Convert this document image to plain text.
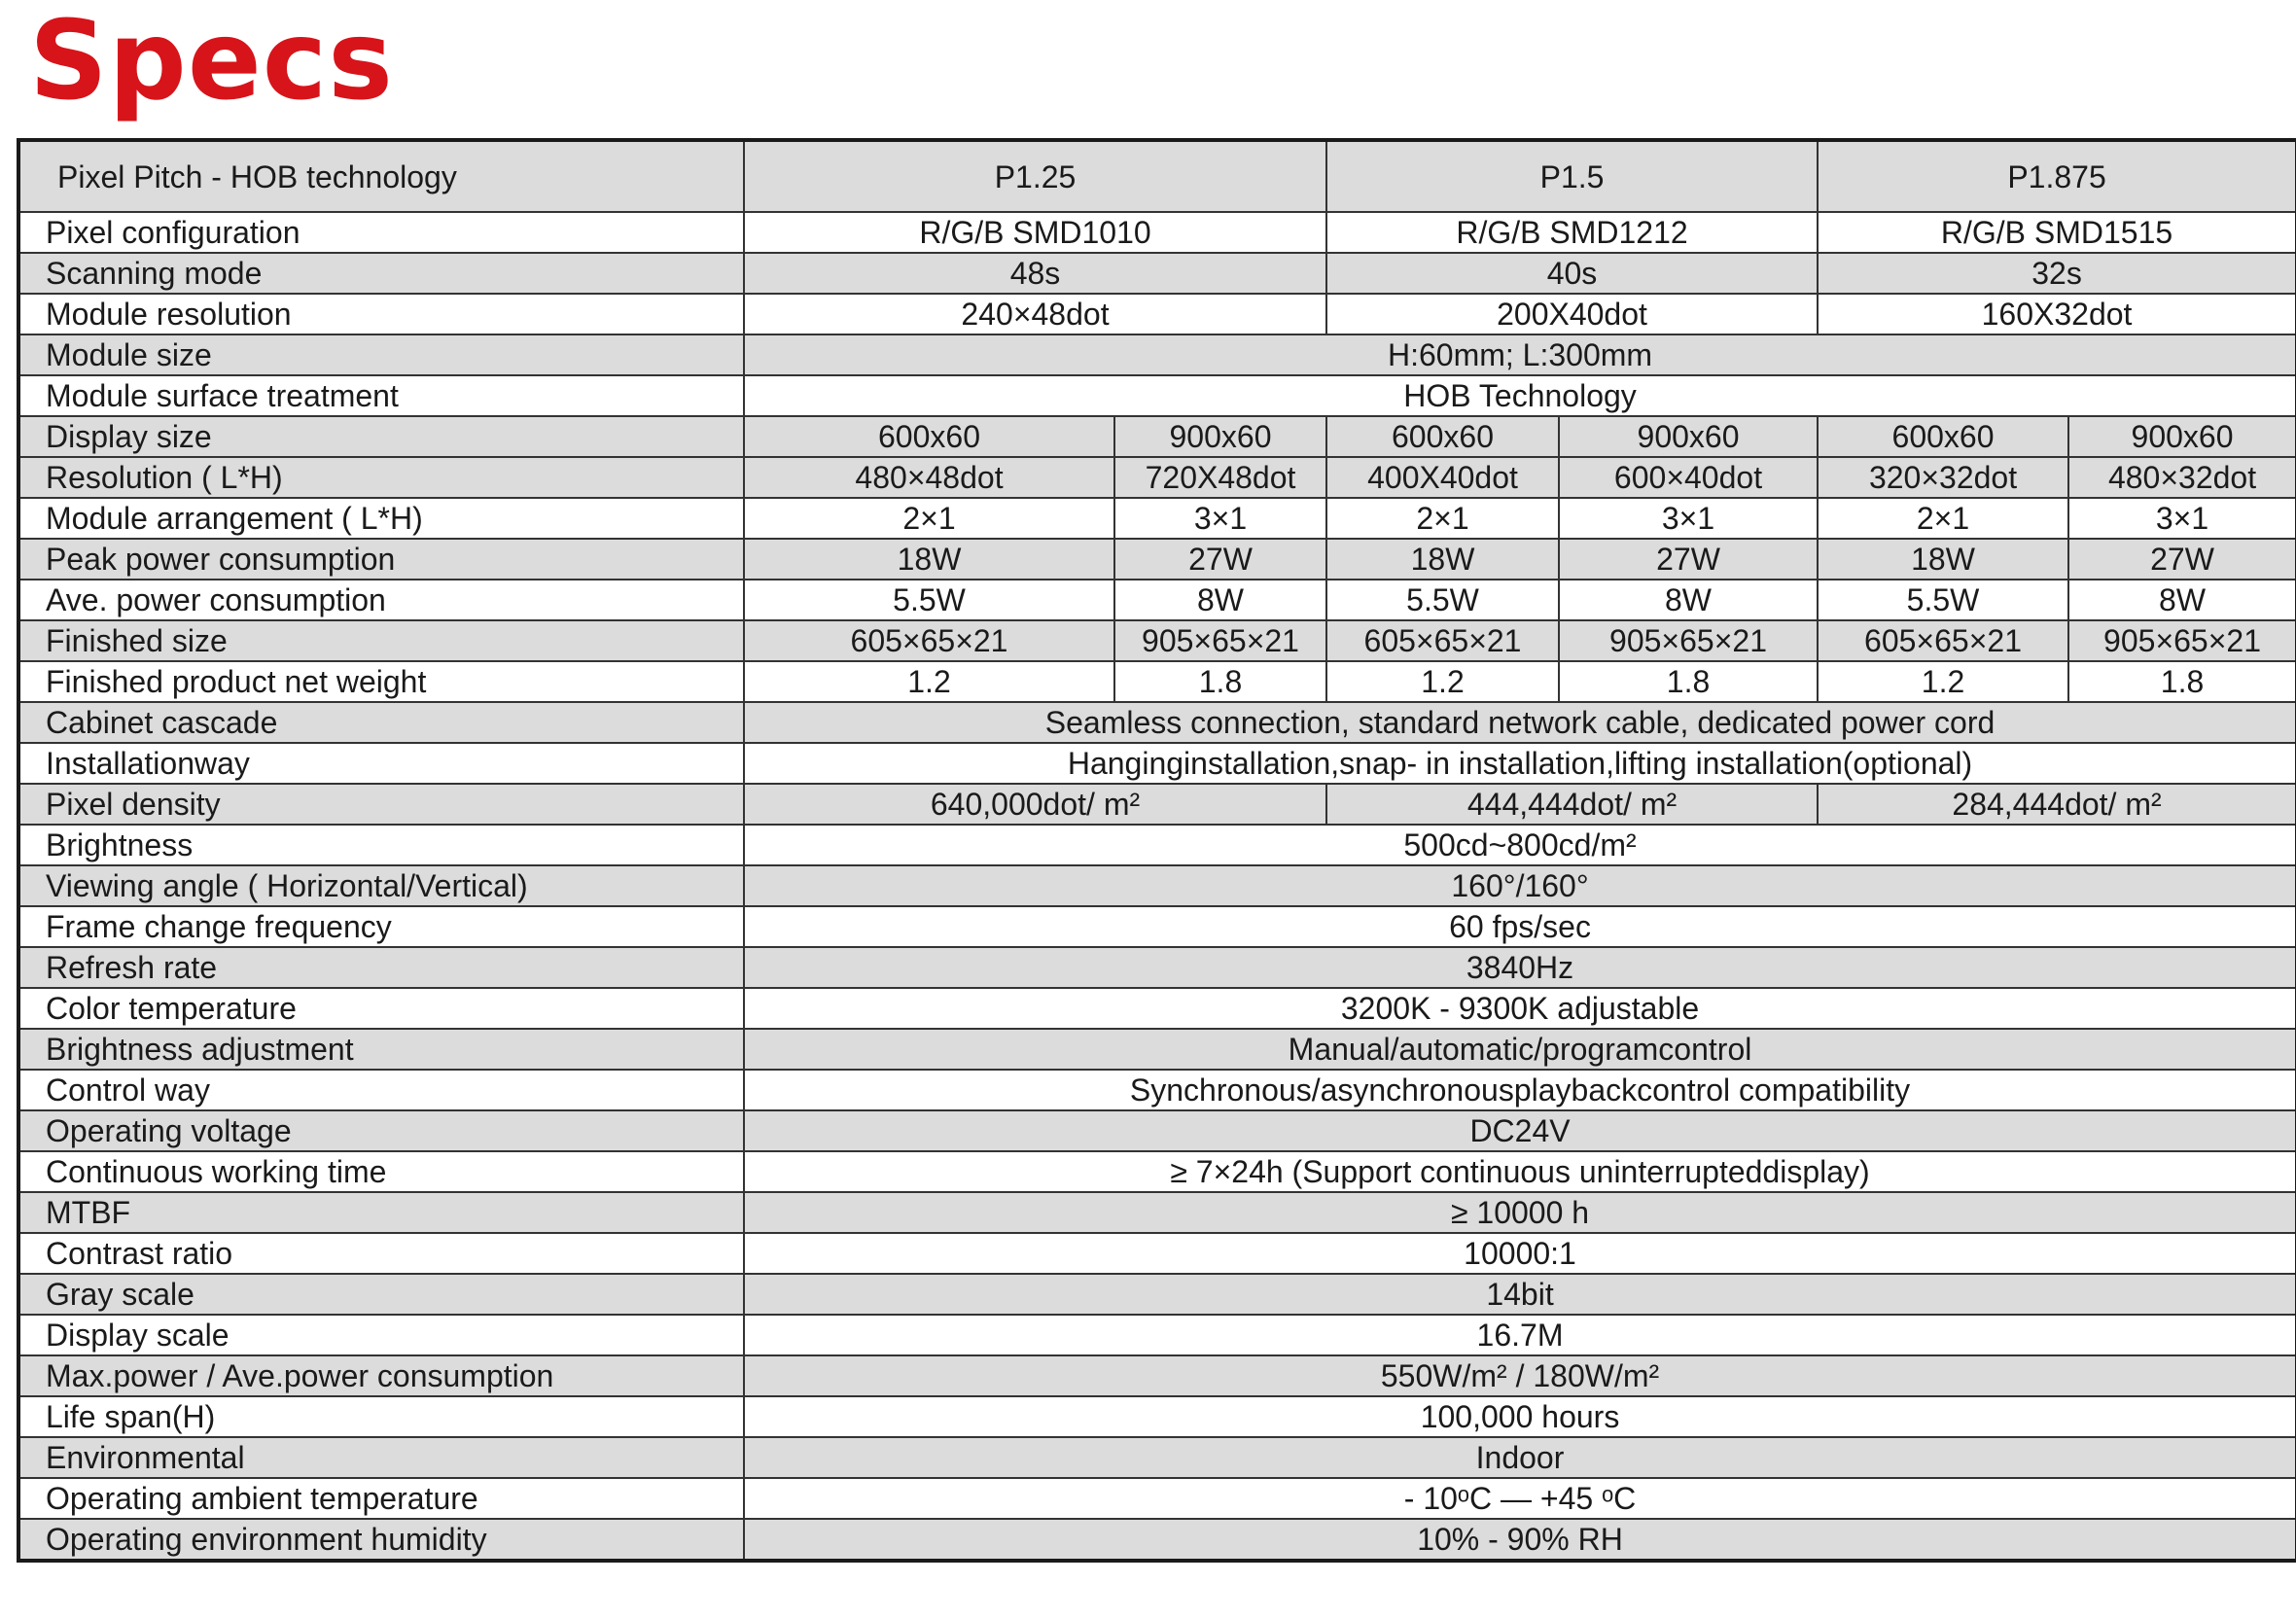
Specs
Pixel Pitch - HOB technology	P1.25		P1.5		P1.875	
Pixel configuration	R/G/B SMD1010		R/G/B SMD1212		R/G/B SMD1515	
Scanning mode	48s		40s		32s	
Module resolution	240×48dot		200X40dot		160X32dot	
Module size	H:60mm; L:300mm					
Module surface treatment	HOB Technology					
Display size	600x60	900x60	600x60	900x60	600x60	900x60
Resolution ( L*H)	480×48dot	720X48dot	400X40dot	600×40dot	320×32dot	480×32dot
Module arrangement ( L*H)	2×1	3×1	2×1	3×1	2×1	3×1
Peak power consumption	18W	27W	18W	27W	18W	27W
Ave. power consumption	5.5W	8W	5.5W	8W	5.5W	8W
Finished size	605×65×21	905×65×21	605×65×21	905×65×21	605×65×21	905×65×21
Finished product net weight	1.2	1.8	1.2	1.8	1.2	1.8
Cabinet cascade	Seamless connection, standard network cable, dedicated power cord					
Installationway	Hanginginstallation,snap- in installation,lifting installation(optional)					
Pixel density	640,000dot/ m²		444,444dot/ m²		284,444dot/ m²	
Brightness	500cd~800cd/m²					
Viewing angle ( Horizontal/Vertical)	160°/160°					
Frame change frequency	60 fps/sec					
Refresh rate	3840Hz					
Color temperature	3200K - 9300K adjustable					
Brightness adjustment	Manual/automatic/programcontrol					
Control way	Synchronous/asynchronousplaybackcontrol compatibility					
Operating voltage	DC24V					
Continuous working time	≥ 7×24h (Support continuous uninterrupteddisplay)					
MTBF	≥ 10000 h					
Contrast ratio	10000:1					
Gray scale	14bit					
Display scale	16.7M					
Max.power / Ave.power consumption	550W/m² / 180W/m²					
Life span(H)	100,000 hours					
Environmental	Indoor					
Operating ambient temperature	- 10ᵒC — +45 ᵒC					
Operating environment humidity	10% - 90% RH					
